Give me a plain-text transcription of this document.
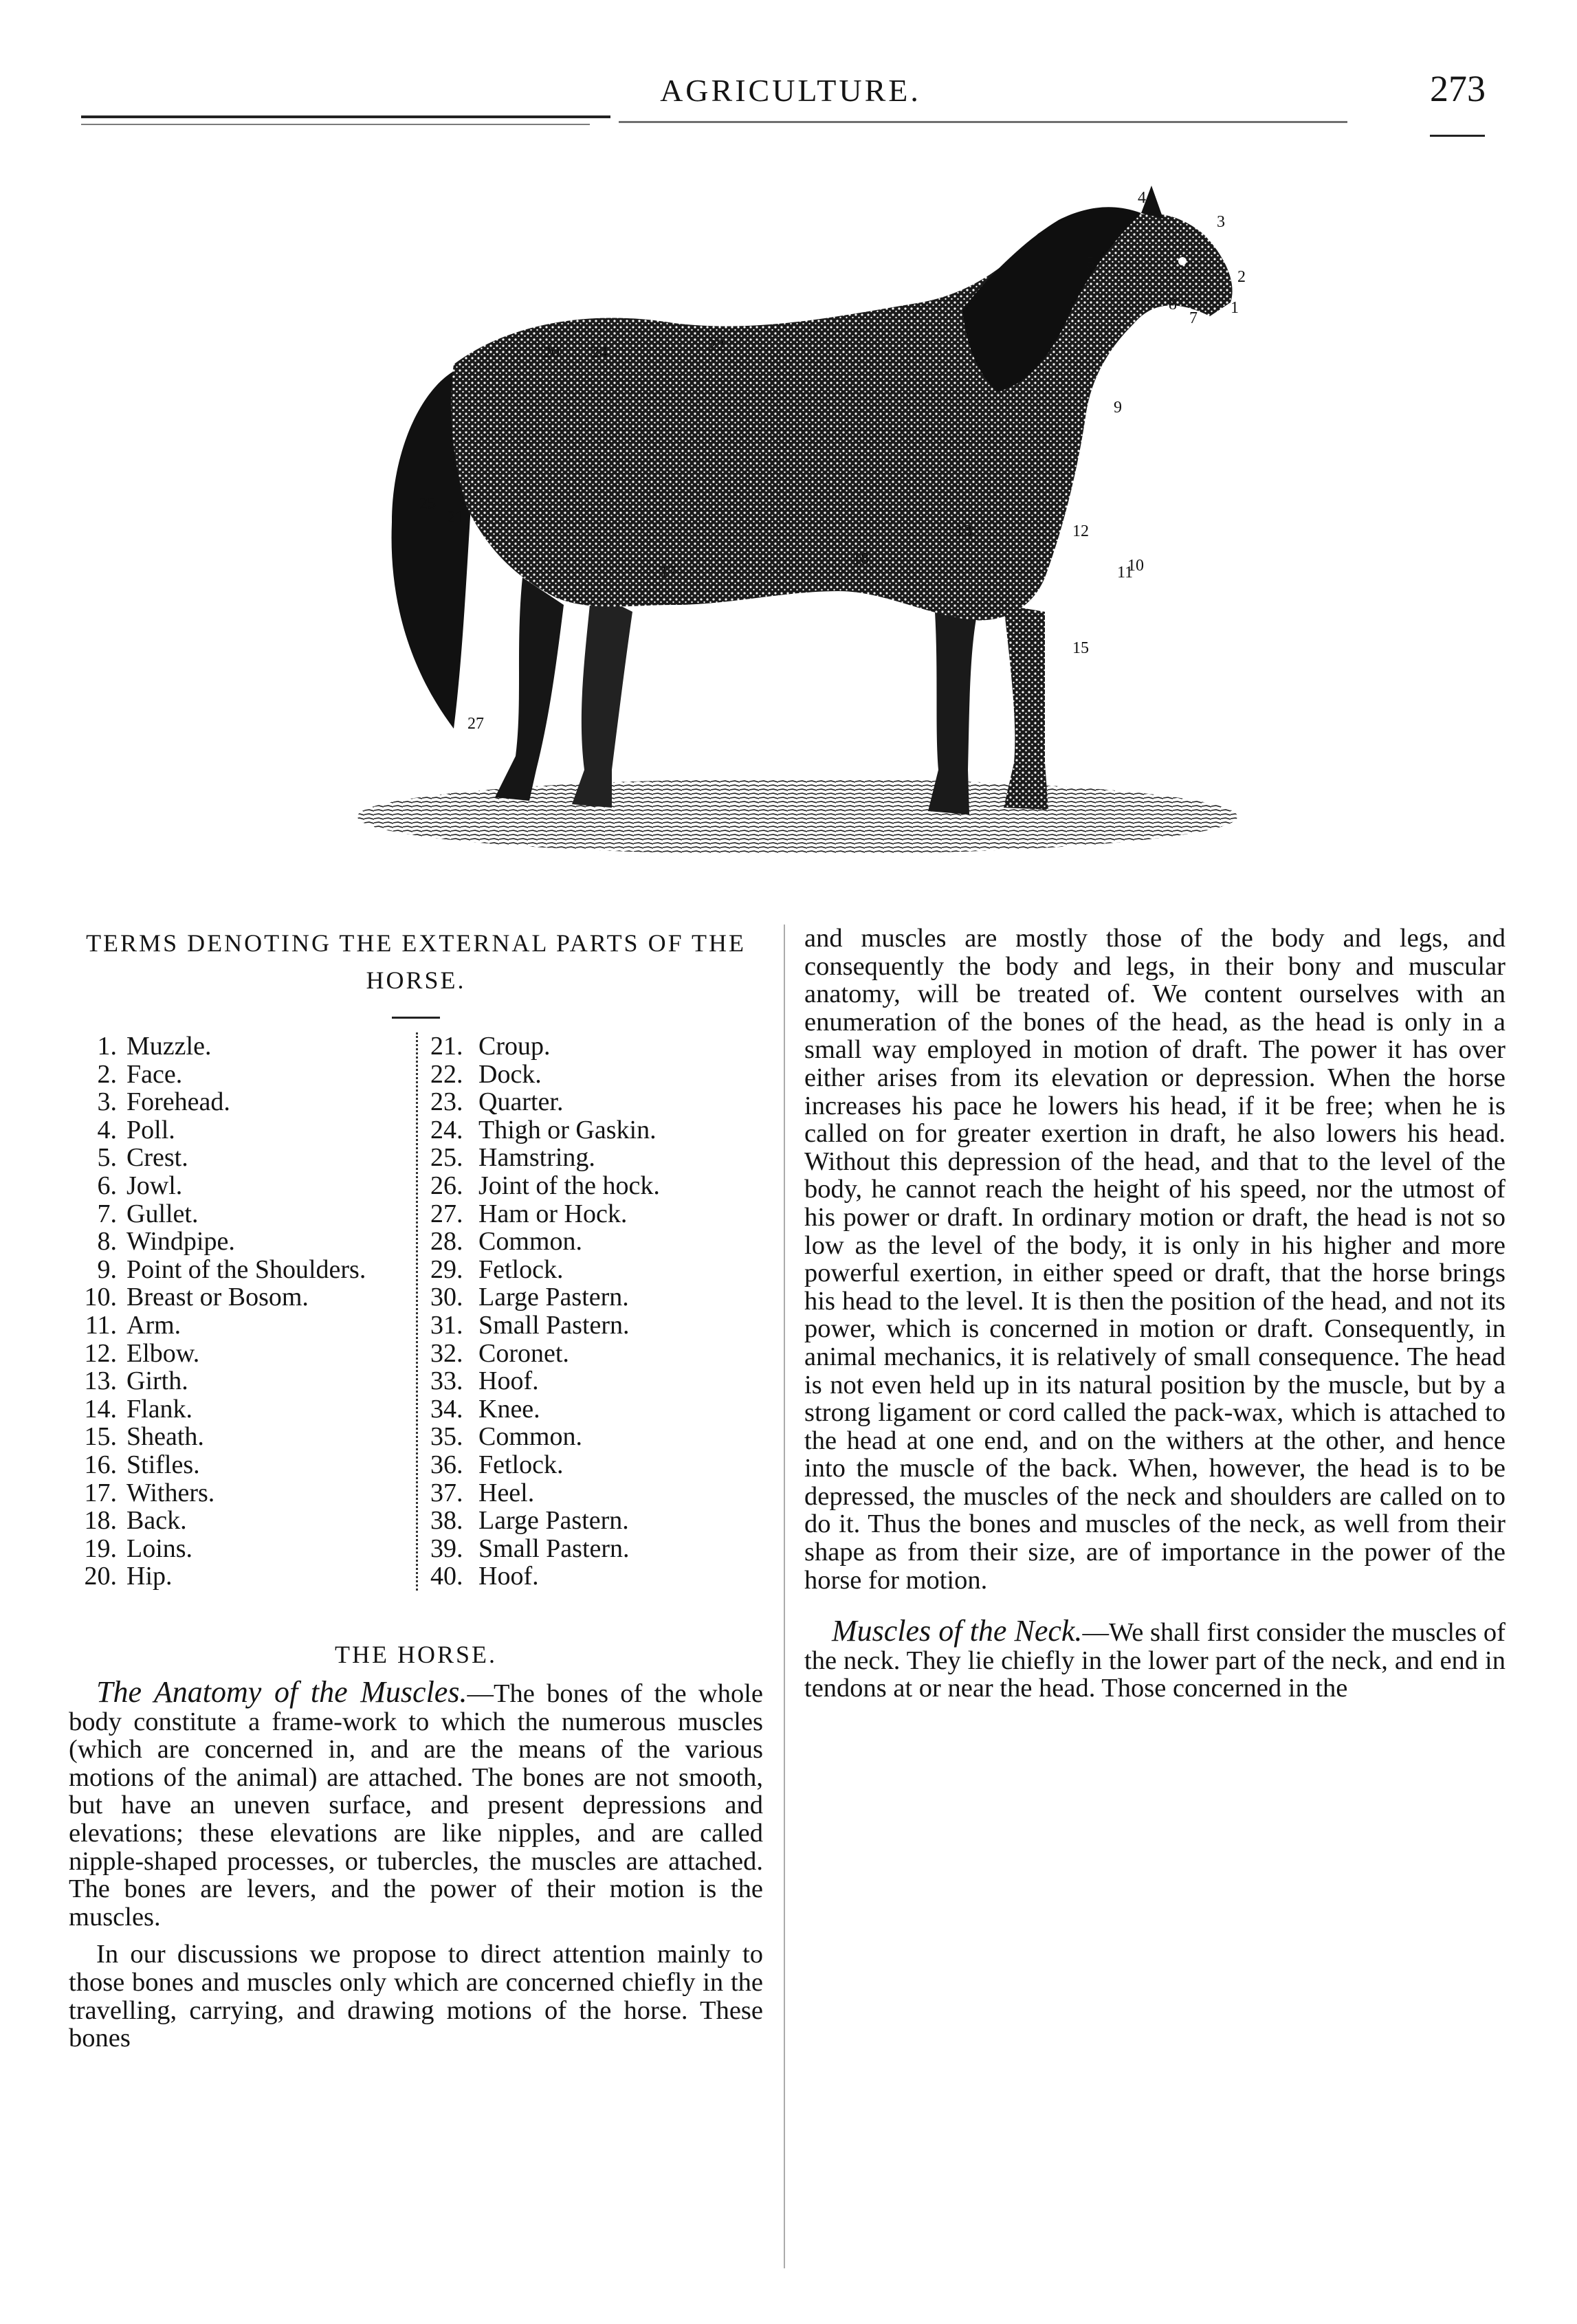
AGRICULTURE.	273
1
2
3
4
5
7
8
9
10
11
12
13
15
17
18
20
21
22
24
25
27
TERMS DENOTING THE EXTERNAL PARTS OF THE HORSE.
1. Muzzle.
2. Face.
3. Forehead.
4. Poll.
5. Crest.
6. Jowl.
7. Gullet.
8. Windpipe.
9. Point of the Shoulders.
10. Breast or Bosom.
11. Arm.
12. Elbow.
13. Girth.
14. Flank.
15. Sheath.
16. Stifles.
17. Withers.
18. Back.
19. Loins.
20. Hip.
21. Croup.
22. Dock.
23. Quarter.
24. Thigh or Gaskin.
25. Hamstring.
26. Joint of the hock.
27. Ham or Hock.
28. Common.
29. Fetlock.
30. Large Pastern.
31. Small Pastern.
32. Coronet.
33. Hoof.
34. Knee.
35. Common.
36. Fetlock.
37. Heel.
38. Large Pastern.
39. Small Pastern.
40. Hoof.
THE HORSE.

The Anatomy of the Muscles.—The bones of the whole body constitute a frame-work to which the numerous muscles (which are concerned in, and are the means of the various motions of the animal) are attached. The bones are not smooth, but have an uneven surface, and present depressions and elevations; these elevations are like nipples, and are called nipple-shaped processes, or tubercles, the muscles are attached. The bones are levers, and the power of their motion is the muscles.

In our discussions we propose to direct attention mainly to those bones and muscles only which are concerned chiefly in the travelling, carrying, and drawing motions of the horse. These bones

and muscles are mostly those of the body and legs, and consequently the body and legs, in their bony and muscular anatomy, will be treated of. We content ourselves with an enumeration of the bones of the head, as the head is only in a small way employed in motion of draft. The power it has over either arises from its elevation or depression. When the horse increases his pace he lowers his head, if it be free; when he is called on for greater exertion in draft, he also lowers his head. Without this depression of the head, and that to the level of the body, he cannot reach the height of his speed, nor the utmost of his power or draft. In ordinary motion or draft, the head is not so low as the level of the body, it is only in his higher and more powerful exertion, in either speed or draft, that the horse brings his head to the level. It is then the position of the head, and not its power, which is concerned in motion or draft. Consequently, in animal mechanics, it is relatively of small consequence. The head is not even held up in its natural position by the muscle, but by a strong ligament or cord called the pack-wax, which is attached to the head at one end, and on the withers at the other, and hence into the muscle of the back. When, however, the head is to be depressed, the muscles of the neck and shoulders are called on to do it. Thus the bones and muscles of the neck, as well from their shape as from their size, are of importance in the power of the horse for motion.

Muscles of the Neck.—We shall first consider the muscles of the neck. They lie chiefly in the lower part of the neck, and end in tendons at or near the head. Those concerned in the
